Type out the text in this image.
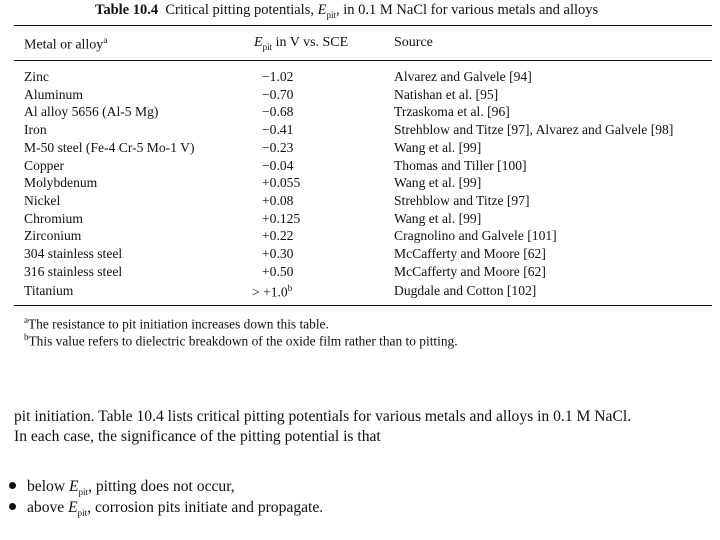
Table 10.4 Critical pitting potentials, $E_{pit}$, in 0.1 M NaCl for various metals and alloys
Metal or alloy$^a$	$E_{pit}$ in V vs. SCE	Source
Zinc	−1.02	Alvarez and Galvele [94]
Aluminum	−0.70	Natishan et al. [95]
Al alloy 5656 (Al-5 Mg)	−0.68	Trzaskoma et al. [96]
Iron	−0.41	Strehblow and Titze [97], Alvarez and Galvele [98]
M-50 steel (Fe-4 Cr-5 Mo-1 V)	−0.23	Wang et al. [99]
Copper	−0.04	Thomas and Tiller [100]
Molybdenum	+0.055	Wang et al. [99]
Nickel	+0.08	Strehblow and Titze [97]
Chromium	+0.125	Wang et al. [99]
Zirconium	+0.22	Cragnolino and Galvele [101]
304 stainless steel	+0.30	McCafferty and Moore [62]
316 stainless steel	+0.50	McCafferty and Moore [62]
Titanium	> +1.0$^b$	Dugdale and Cotton [102]
$^a$The resistance to pit initiation increases down this table.
$^b$This value refers to dielectric breakdown of the oxide film rather than to pitting.
pit initiation. Table 10.4 lists critical pitting potentials for various metals and alloys in 0.1 M NaCl.
In each case, the significance of the pitting potential is that
below $E_{pit}$, pitting does not occur,
above $E_{pit}$, corrosion pits initiate and propagate.
